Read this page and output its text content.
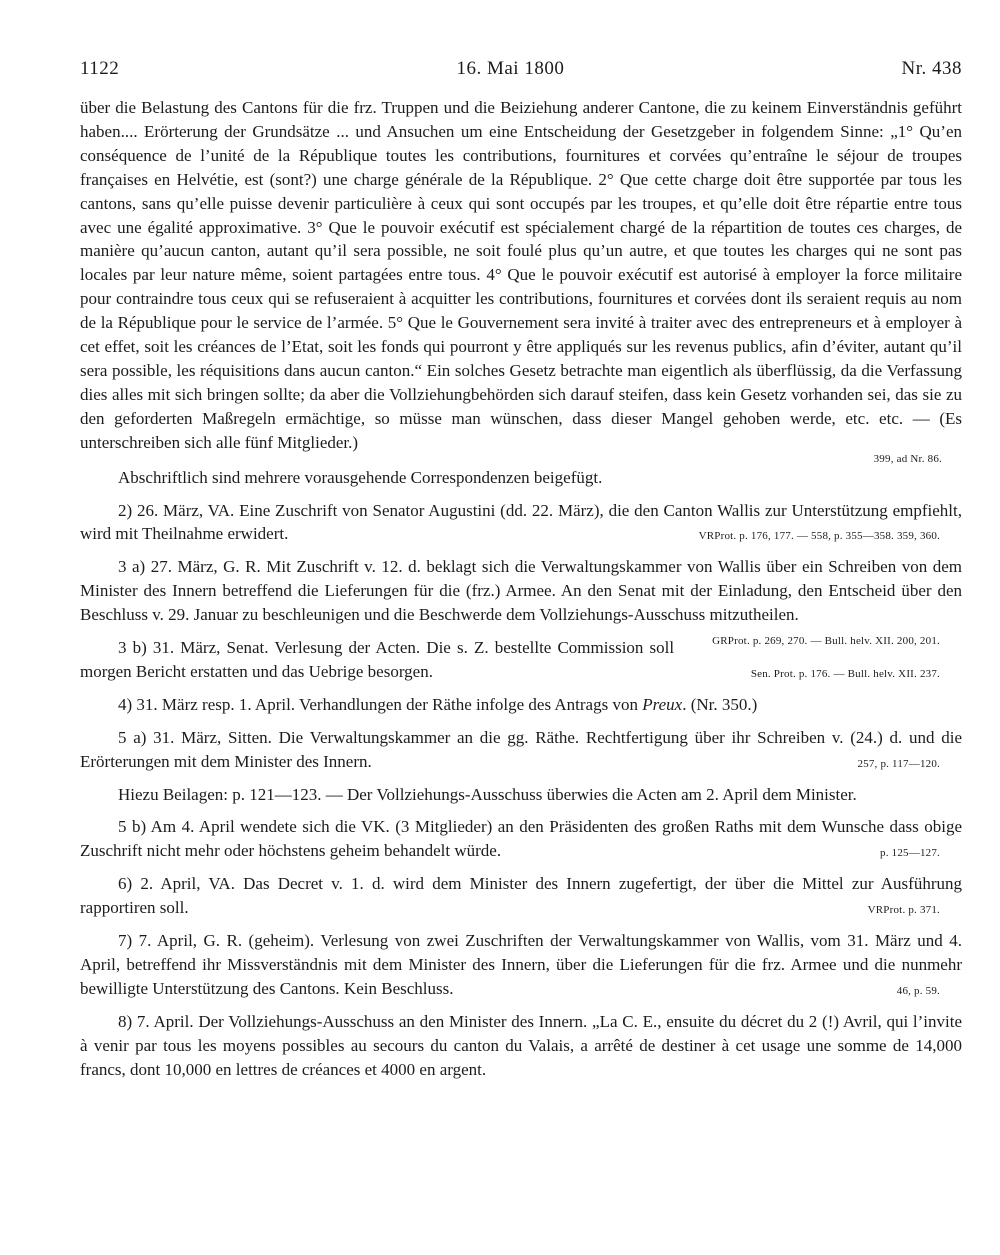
1122	16. Mai 1800	Nr. 438

über die Belastung des Cantons für die frz. Truppen und die Beiziehung anderer Cantone, die zu keinem Einverständnis geführt haben.... Erörterung der Grundsätze ... und Ansuchen um eine Entscheidung der Gesetzgeber in folgendem Sinne: „1° Qu’en conséquence de l’unité de la République toutes les contributions, fournitures et corvées qu’entraîne le séjour de troupes françaises en Helvétie, est (sont?) une charge générale de la République. 2° Que cette charge doit être supportée par tous les cantons, sans qu’elle puisse devenir particulière à ceux qui sont occupés par les troupes, et qu’elle doit être répartie entre tous avec une égalité approximative. 3° Que le pouvoir exécutif est spécialement chargé de la répartition de toutes ces charges, de manière qu’aucun canton, autant qu’il sera possible, ne soit foulé plus qu’un autre, et que toutes les charges qui ne sont pas locales par leur nature même, soient partagées entre tous. 4° Que le pouvoir exécutif est autorisé à employer la force militaire pour contraindre tous ceux qui se refuseraient à acquitter les contributions, fournitures et corvées dont ils seraient requis au nom de la République pour le service de l’armée. 5° Que le Gouvernement sera invité à traiter avec des entrepreneurs et à employer à cet effet, soit les créances de l’Etat, soit les fonds qui pourront y être appliqués sur les revenus publics, afin d’éviter, autant qu’il sera possible, les réquisitions dans aucun canton.“ Ein solches Gesetz betrachte man eigentlich als überflüssig, da die Verfassung dies alles mit sich bringen sollte; da aber die Vollziehungbehörden sich darauf steifen, dass kein Gesetz vorhanden sei, das sie zu den geforderten Maßregeln ermächtige, so müsse man wünschen, dass dieser Mangel gehoben werde, etc. etc. — (Es unterschreiben sich alle fünf Mitglieder.)
399, ad Nr. 86.

Abschriftlich sind mehrere vorausgehende Correspondenzen beigefügt.

2) 26. März, VA. Eine Zuschrift von Senator Augustini (dd. 22. März), die den Canton Wallis zur Unterstützung empfiehlt, wird mit Theilnahme erwidert.	VRProt. p. 176, 177. — 558, p. 355—358. 359, 360.

3 a) 27. März, G. R. Mit Zuschrift v. 12. d. beklagt sich die Verwaltungskammer von Wallis über ein Schreiben von dem Minister des Innern betreffend die Lieferungen für die (frz.) Armee. An den Senat mit der Einladung, den Entscheid über den Beschluss v. 29. Januar zu beschleunigen und die Beschwerde dem Vollziehungs-Ausschuss mitzutheilen.
GRProt. p. 269, 270. — Bull. helv. XII. 200, 201.

3 b) 31. März, Senat. Verlesung der Acten. Die s. Z. bestellte Commission soll morgen Bericht erstatten und das Uebrige besorgen.	Sen. Prot. p. 176. — Bull. helv. XII. 237.

4) 31. März resp. 1. April. Verhandlungen der Räthe infolge des Antrags von Preux. (Nr. 350.)

5 a) 31. März, Sitten. Die Verwaltungskammer an die gg. Räthe. Rechtfertigung über ihr Schreiben v. (24.) d. und die Erörterungen mit dem Minister des Innern.	257, p. 117—120.

Hiezu Beilagen: p. 121—123. — Der Vollziehungs-Ausschuss überwies die Acten am 2. April dem Minister.

5 b) Am 4. April wendete sich die VK. (3 Mitglieder) an den Präsidenten des großen Raths mit dem Wunsche dass obige Zuschrift nicht mehr oder höchstens geheim behandelt würde.	p. 125—127.

6) 2. April, VA. Das Decret v. 1. d. wird dem Minister des Innern zugefertigt, der über die Mittel zur Ausführung rapportiren soll.	VRProt. p. 371.

7) 7. April, G. R. (geheim). Verlesung von zwei Zuschriften der Verwaltungskammer von Wallis, vom 31. März und 4. April, betreffend ihr Missverständnis mit dem Minister des Innern, über die Lieferungen für die frz. Armee und die nunmehr bewilligte Unterstützung des Cantons. Kein Beschluss.	46, p. 59.

8) 7. April. Der Vollziehungs-Ausschuss an den Minister des Innern. „La C. E., ensuite du décret du 2 (!) Avril, qui l’invite à venir par tous les moyens possibles au secours du canton du Valais, a arrêté de destiner à cet usage une somme de 14,000 francs, dont 10,000 en lettres de créances et 4000 en argent.
